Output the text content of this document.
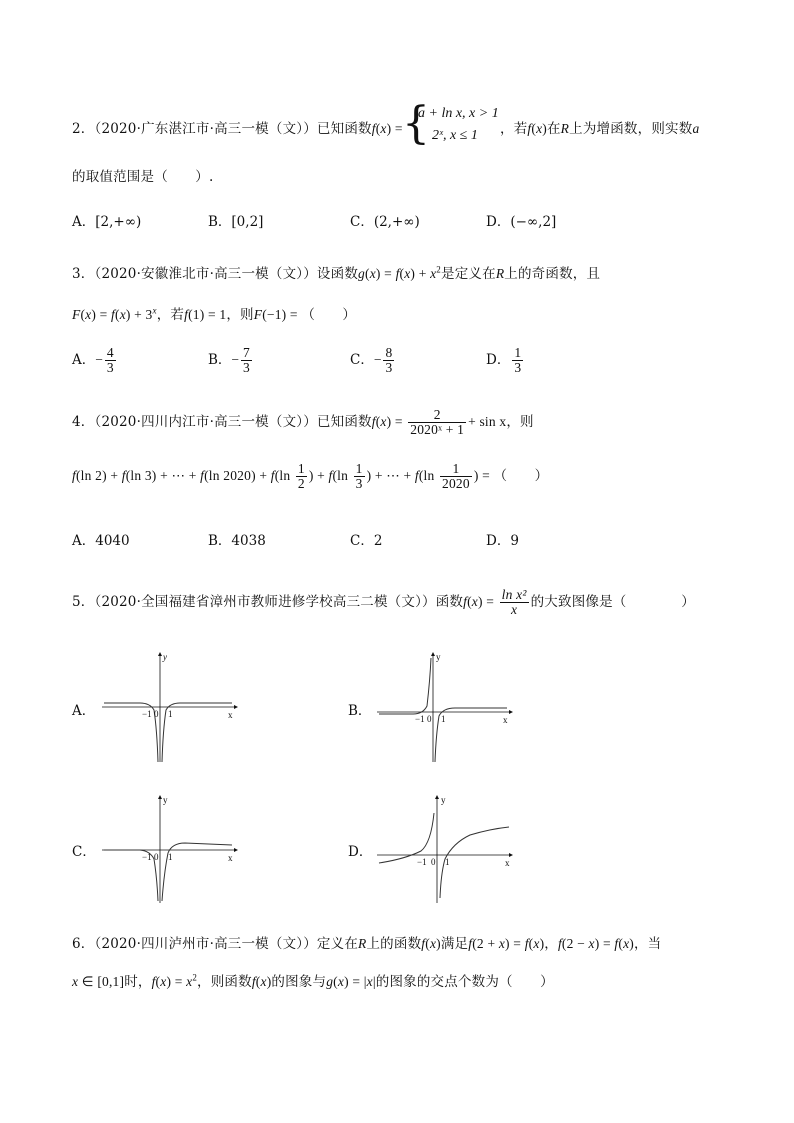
2．（2020·广东湛江市·高三一模（文））已知函数f(x) = {
a + ln x, x > 1
2ˣ, x ≤ 1 ，若f(x)在R上为增函数，则实数a
的取值范围是（　　）.
A．[2,+∞)	B．[0,2]	C．(2,+∞)	D．(−∞,2]
3．（2020·安徽淮北市·高三一模（文））设函数$g(x) = f(x) + x^2$是定义在R上的奇函数，且
$F(x) = f(x) + 3^x$，若f(1) = 1，则F(−1) = （　　）
A．− $\frac{4}{3}$	B．− $\frac{7}{3}$	C．− $\frac{8}{3}$	D． $\frac{1}{3}$
4．（2020·四川内江市·高三一模（文））已知函数$f(x) = \frac{2}{\text{2020ˣ + 1}} + \sin x$，则
f(ln 2) + f(ln 3) + ⋯ + f(ln $2020) + f(\ln \frac{1}{2}$ ) + $f(\ln \frac{1}{3}$ ) + ⋯ + $f(\ln \frac{1}{2020}$ ) = （　　）
A．4040	B．4038	C．2	D．9
5．（2020·全国福建省漳州市教师进修学校高三二模（文））函数$f(x) = \frac{\text{ln x²}}{x}$ 的大致图像是（　　　　）
A．
y
x
−1 0 1	B．
y
x
−1 0 1
C．
y
x
−1 0 1	D．
y
x
−1 0 1
6．（2020·四川泸州市·高三一模（文））定义在R上的函数f(x)满足f(2 + x) = f(x)，f(2 − x) = f(x)，当
x ∈ [0,1]时，$f(x) = x^2$，则函数f(x)的图象与g(x) = |x|的图象的交点个数为（　　）
